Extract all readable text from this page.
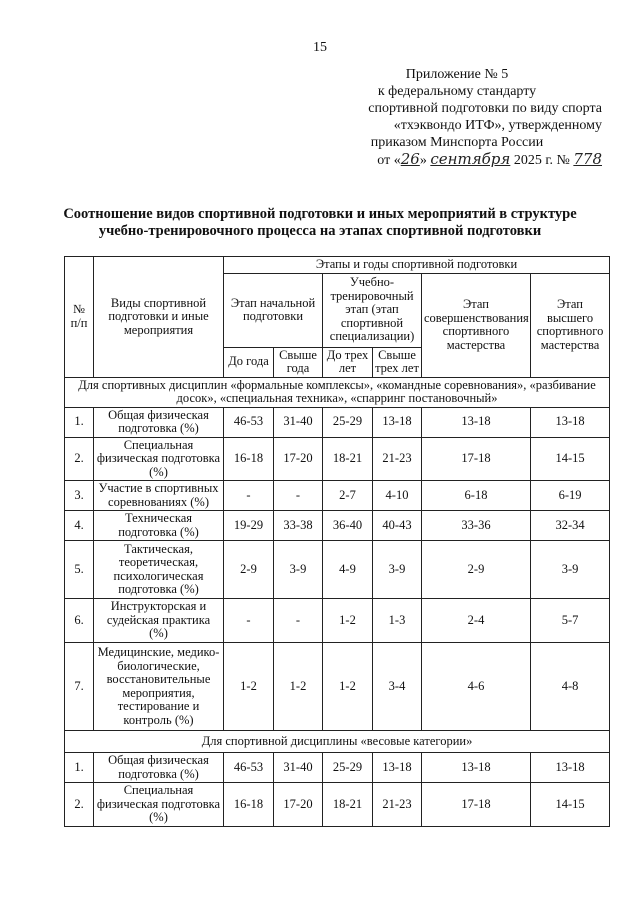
15
Приложение № 5
к федеральному стандарту
спортивной подготовки по виду спорта
«тхэквондо ИТФ», утвержденному
приказом Минспорта России
от «26» сентября 2025 г. № 778
Соотношение видов спортивной подготовки и иных мероприятий в структуре
учебно-тренировочного процесса на этапах спортивной подготовки
№ п/п	Виды спортивной подготовки и иные мероприятия	Этапы и годы спортивной подготовки					
		Этап начальной подготовки		Учебно-тренировочный этап (этап спортивной специализации)		Этап совершенствования спортивного мастерства	Этап высшего спортивного мастерства
		До года	Свыше года	До трех лет	Свыше трех лет		
Для спортивных дисциплин «формальные комплексы», «командные соревнования», «разбивание досок», «специальная техника», «спарринг постановочный»							
1.	Общая физическая подготовка (%)	46-53	31-40	25-29	13-18	13-18	13-18
2.	Специальная физическая подготовка (%)	16-18	17-20	18-21	21-23	17-18	14-15
3.	Участие в спортивных соревнованиях (%)	-	-	2-7	4-10	6-18	6-19
4.	Техническая подготовка (%)	19-29	33-38	36-40	40-43	33-36	32-34
5.	Тактическая, теоретическая, психологическая подготовка (%)	2-9	3-9	4-9	3-9	2-9	3-9
6.	Инструкторская и судейская практика (%)	-	-	1-2	1-3	2-4	5-7
7.	Медицинские, медико-биологические, восстановительные мероприятия, тестирование и контроль (%)	1-2	1-2	1-2	3-4	4-6	4-8
Для спортивной дисциплины «весовые категории»							
1.	Общая физическая подготовка (%)	46-53	31-40	25-29	13-18	13-18	13-18
2.	Специальная физическая подготовка (%)	16-18	17-20	18-21	21-23	17-18	14-15
